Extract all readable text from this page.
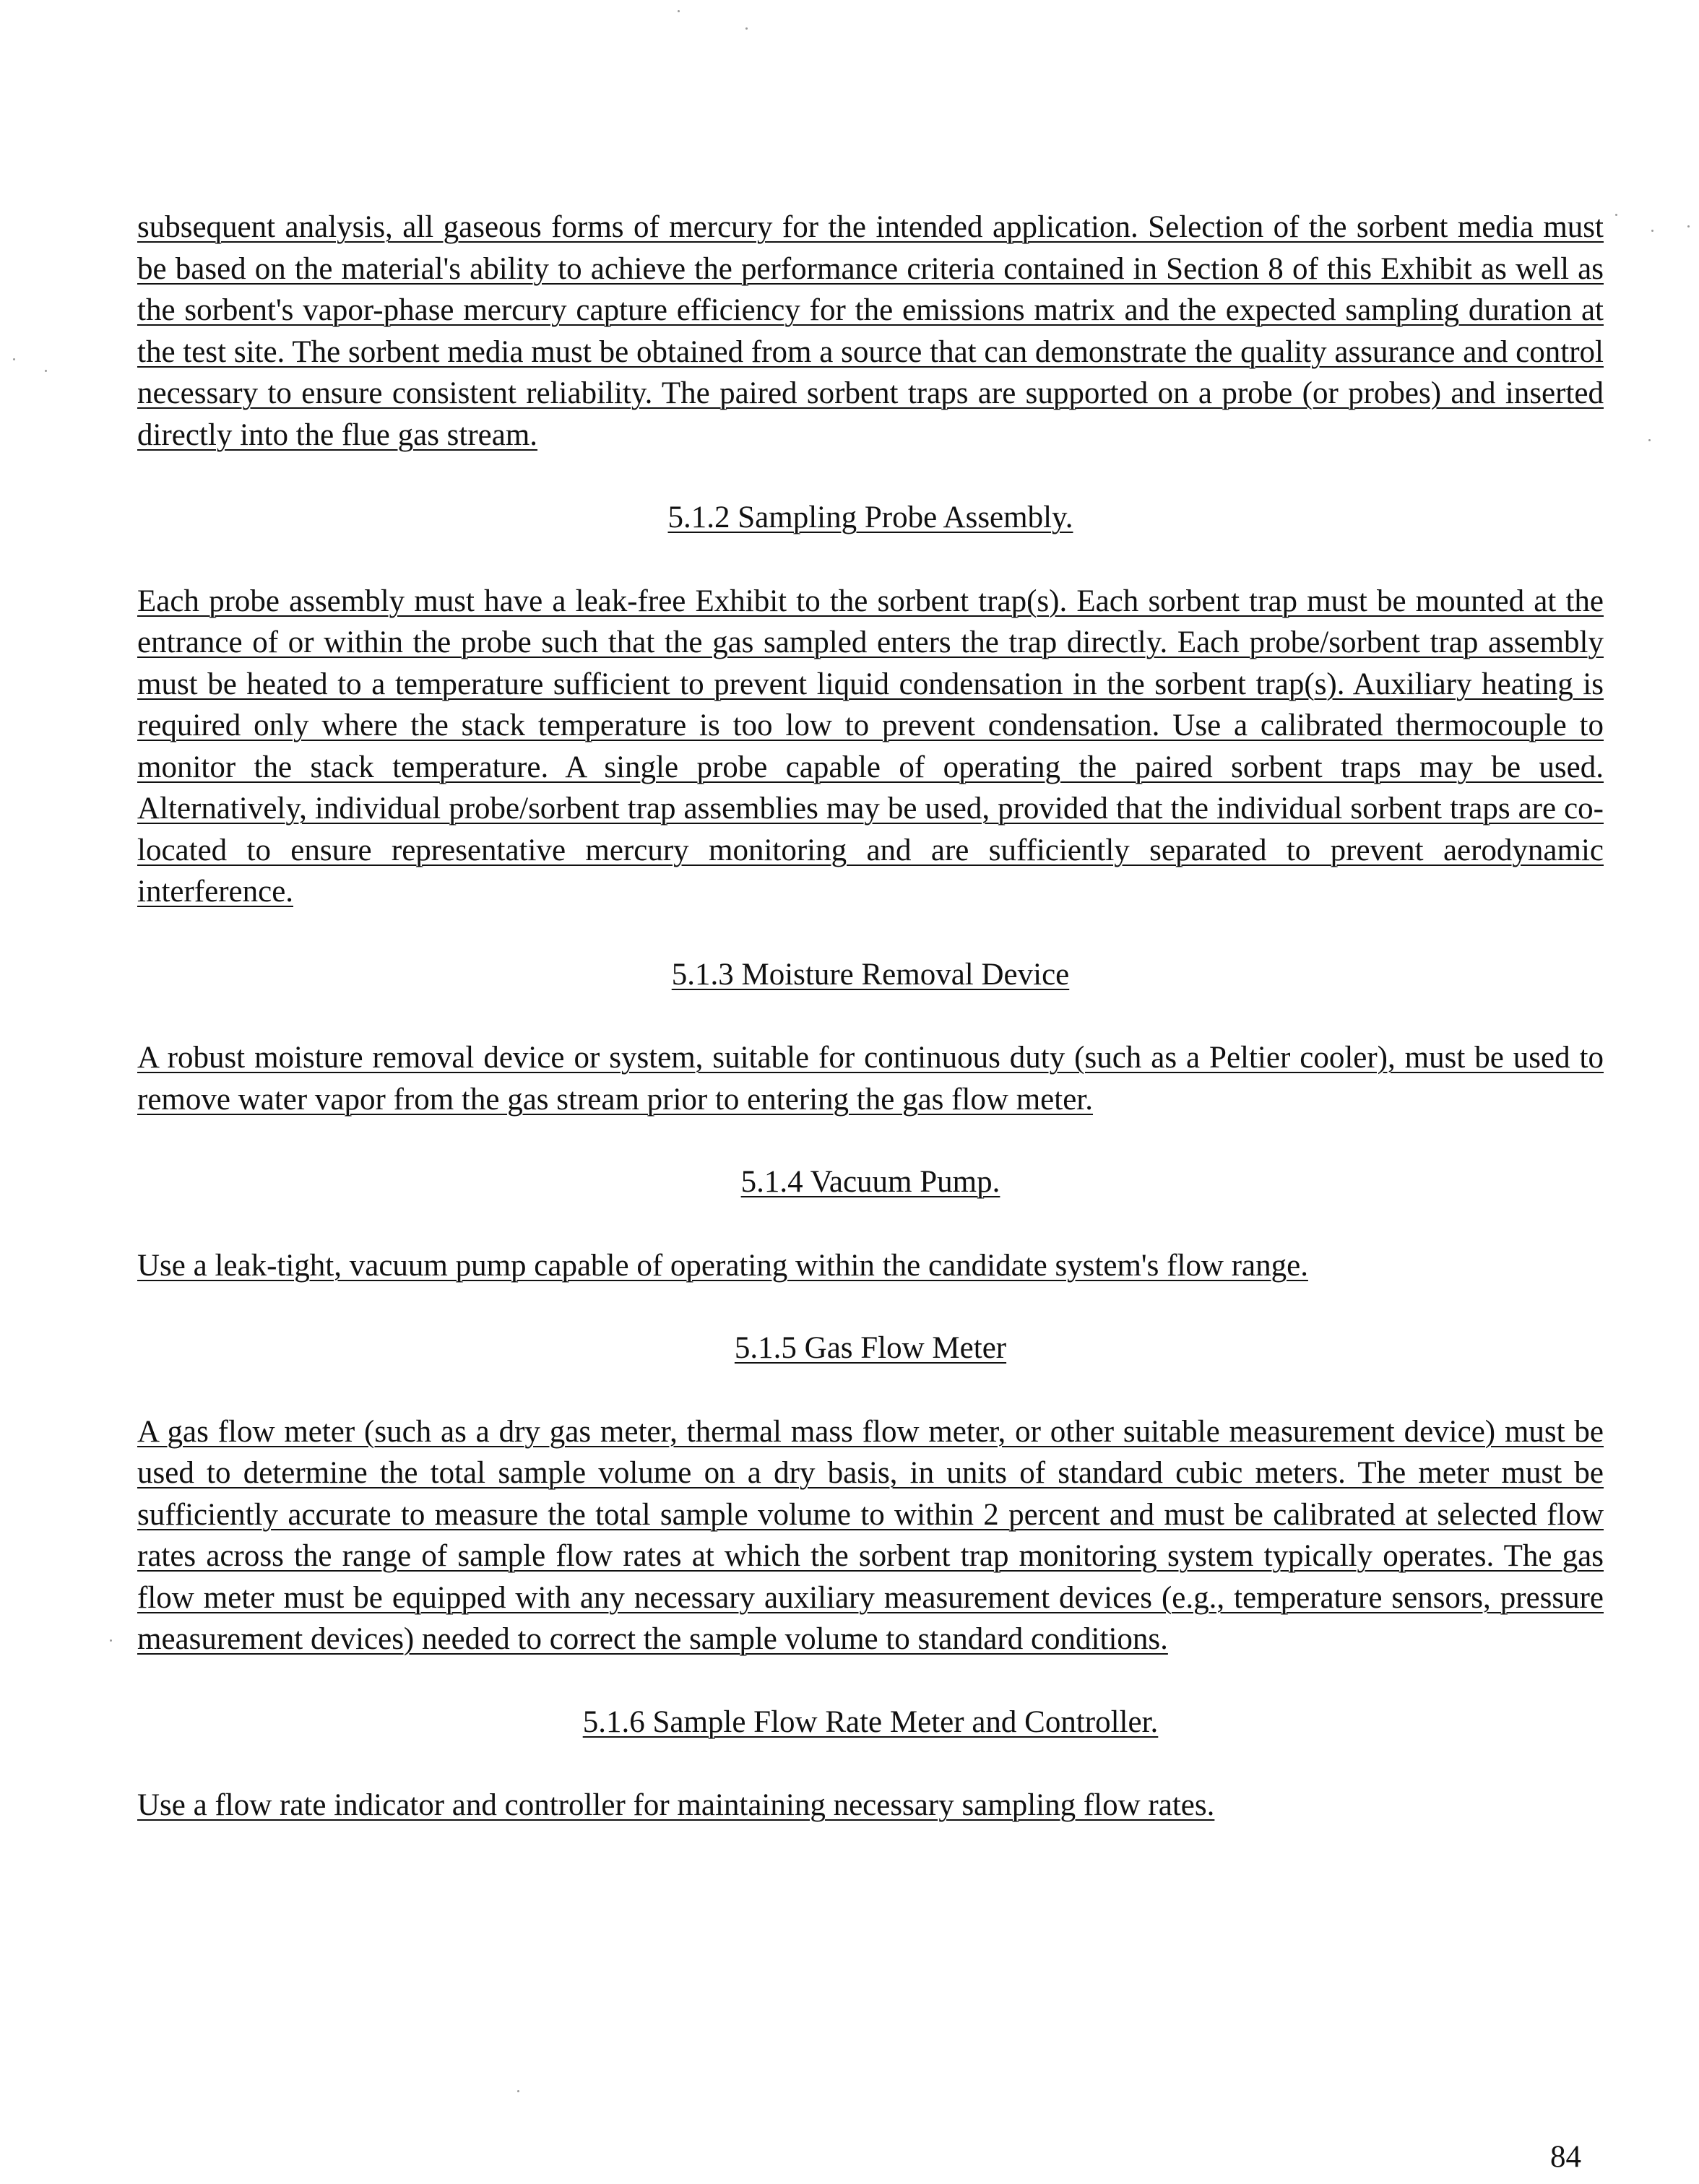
subsequent analysis, all gaseous forms of mercury for the intended application. Selection of the sorbent media must be based on the material's ability to achieve the performance criteria contained in Section 8 of this Exhibit as well as the sorbent's vapor-phase mercury capture efficiency for the emissions matrix and the expected sampling duration at the test site. The sorbent media must be obtained from a source that can demonstrate the quality assurance and control necessary to ensure consistent reliability. The paired sorbent traps are supported on a probe (or probes) and inserted directly into the flue gas stream.

5.1.2 Sampling Probe Assembly.

Each probe assembly must have a leak-free Exhibit to the sorbent trap(s). Each sorbent trap must be mounted at the entrance of or within the probe such that the gas sampled enters the trap directly. Each probe/sorbent trap assembly must be heated to a temperature sufficient to prevent liquid condensation in the sorbent trap(s). Auxiliary heating is required only where the stack temperature is too low to prevent condensation. Use a calibrated thermocouple to monitor the stack temperature. A single probe capable of operating the paired sorbent traps may be used. Alternatively, individual probe/sorbent trap assemblies may be used, provided that the individual sorbent traps are co-located to ensure representative mercury monitoring and are sufficiently separated to prevent aerodynamic interference.

5.1.3 Moisture Removal Device

A robust moisture removal device or system, suitable for continuous duty (such as a Peltier cooler), must be used to remove water vapor from the gas stream prior to entering the gas flow meter.

5.1.4 Vacuum Pump.

Use a leak-tight, vacuum pump capable of operating within the candidate system's flow range.

5.1.5 Gas Flow Meter

A gas flow meter (such as a dry gas meter, thermal mass flow meter, or other suitable measurement device) must be used to determine the total sample volume on a dry basis, in units of standard cubic meters. The meter must be sufficiently accurate to measure the total sample volume to within 2 percent and must be calibrated at selected flow rates across the range of sample flow rates at which the sorbent trap monitoring system typically operates. The gas flow meter must be equipped with any necessary auxiliary measurement devices (e.g., temperature sensors, pressure measurement devices) needed to correct the sample volume to standard conditions.

5.1.6 Sample Flow Rate Meter and Controller.

Use a flow rate indicator and controller for maintaining necessary sampling flow rates.

84
